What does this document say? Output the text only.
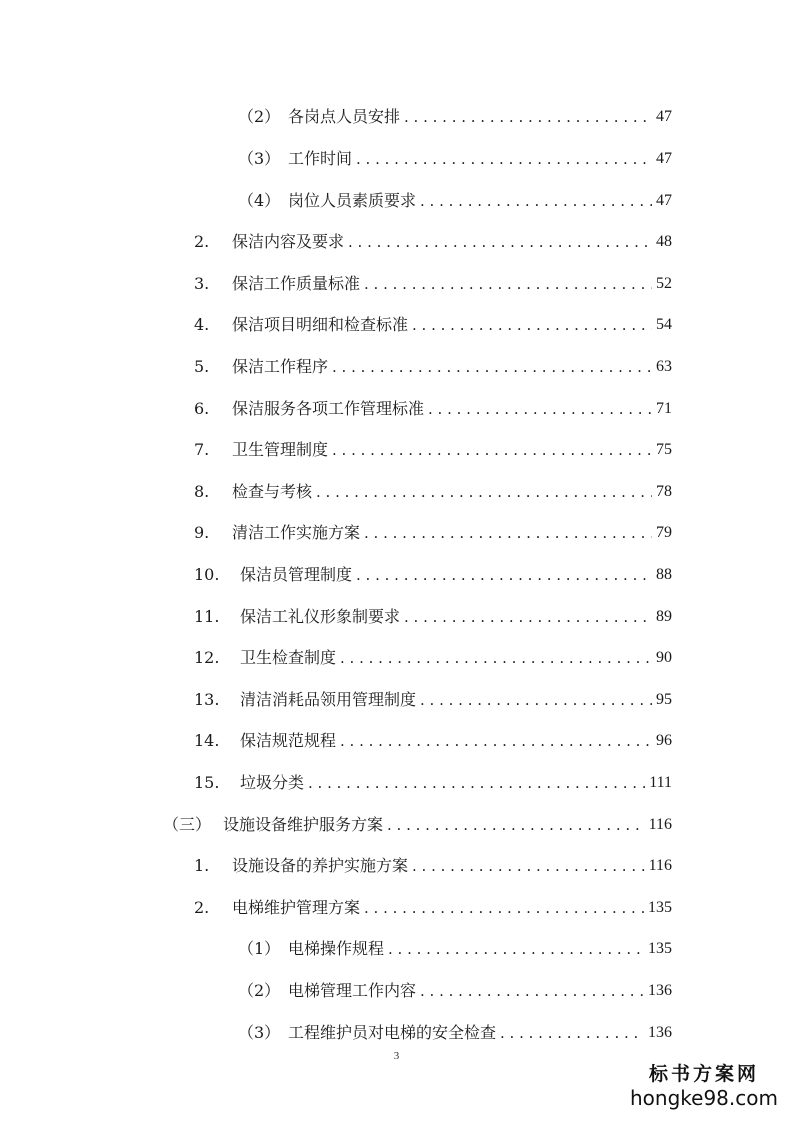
（2） 各岗点人员安排 . . .	47
（3） 工作时间 . . .	47
（4） 岗位人员素质要求 . . .	47
2.	保洁内容及要求 . . .	48
3.	保洁工作质量标准 . . .	52
4.	保洁项目明细和检查标准 . . .	54
5.	保洁工作程序 . . .	63
6.	保洁服务各项工作管理标准 . . .	71
7.	卫生管理制度 . . .	75
8.	检查与考核 . . .	78
9.	清洁工作实施方案 . . .	79
10.	保洁员管理制度 . . .	88
11.	保洁工礼仪形象制要求 . . .	89
12.	卫生检查制度 . . .	90
13.	清洁消耗品领用管理制度 . . .	95
14.	保洁规范规程 . . .	96
15.	垃圾分类 . . .	111
（三） 设施设备维护服务方案 . . .	116
1.	设施设备的养护实施方案 . . .	116
2.	电梯维护管理方案 . . .	135
（1） 电梯操作规程 . . .	135
（2） 电梯管理工作内容 . . .	136
（3） 工程维护员对电梯的安全检查 . . .	136
3
标书方案网
hongke98.com
